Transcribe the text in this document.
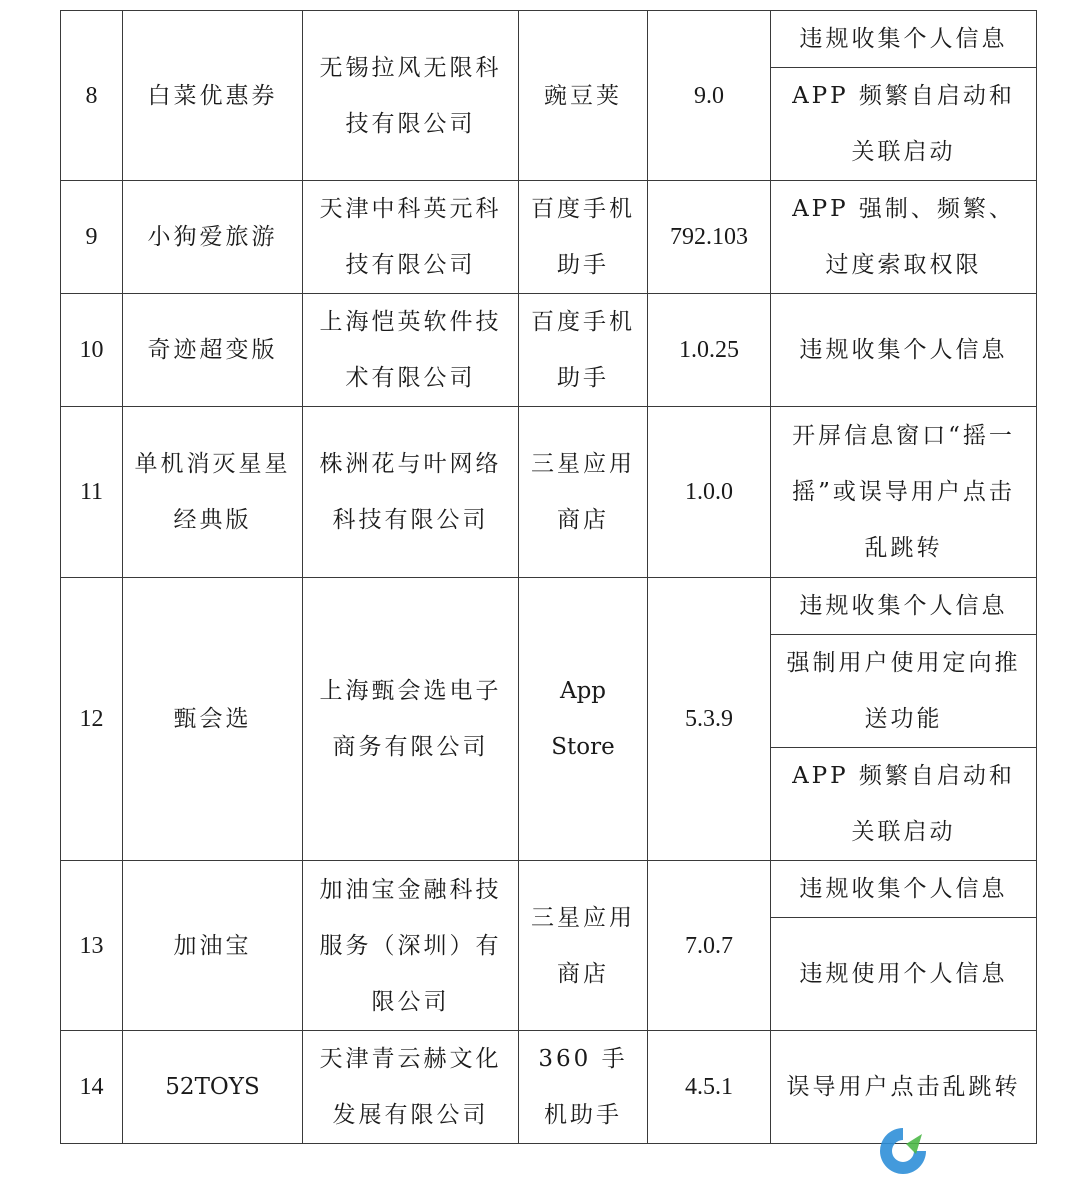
8	白菜优惠券	无锡拉风无限科技有限公司	豌豆荚	9.0	违规收集个人信息
					APP 频繁自启动和关联启动
9	小狗爱旅游	天津中科英元科技有限公司	百度手机助手	792.103	APP 强制、频繁、过度索取权限
10	奇迹超变版	上海恺英软件技术有限公司	百度手机助手	1.0.25	违规收集个人信息
11	单机消灭星星经典版	株洲花与叶网络科技有限公司	三星应用商店	1.0.0	开屏信息窗口“摇一摇”或误导用户点击乱跳转
12	甄会选	上海甄会选电子商务有限公司	App Store	5.3.9	违规收集个人信息
					强制用户使用定向推送功能
					APP 频繁自启动和关联启动
13	加油宝	加油宝金融科技服务（深圳）有限公司	三星应用商店	7.0.7	违规收集个人信息
					违规使用个人信息
14	52TOYS	天津青云赫文化发展有限公司	360 手机助手	4.5.1	误导用户点击乱跳转
